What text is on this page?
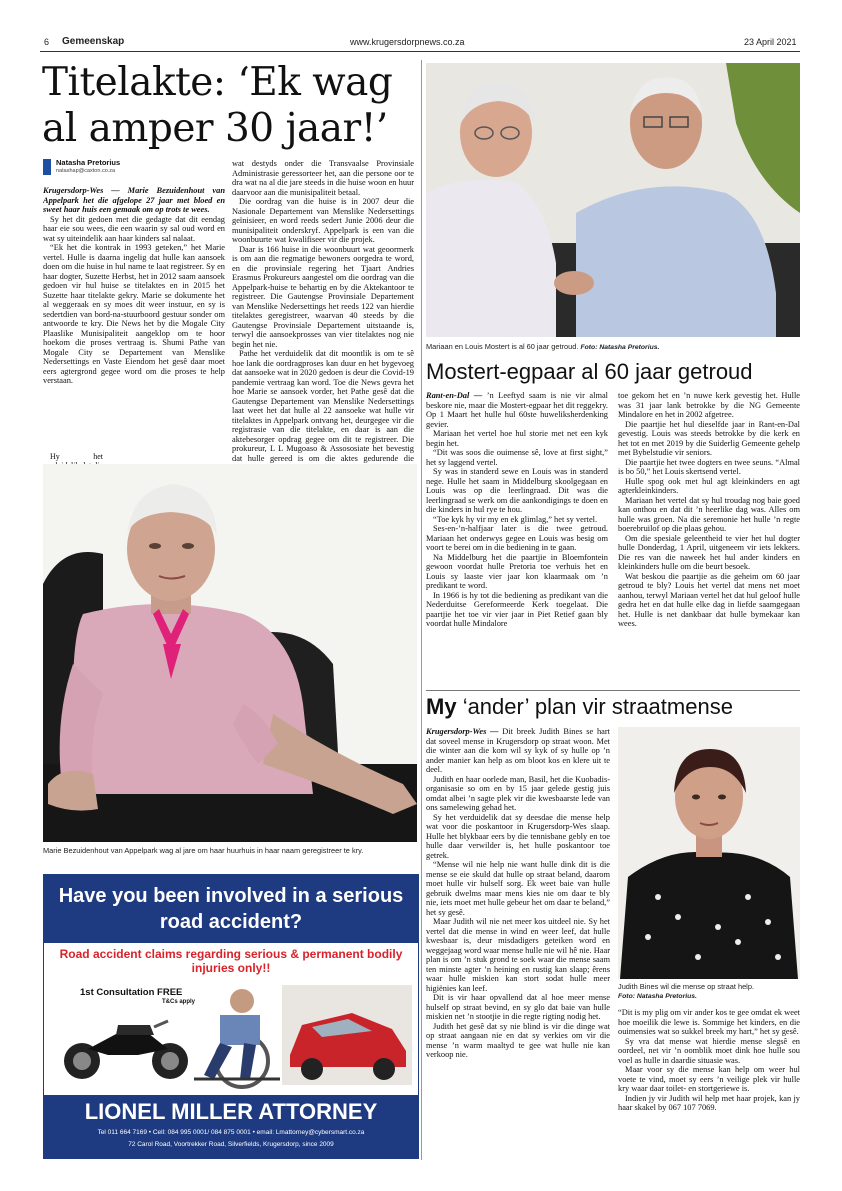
6 Gemeenskap	www.krugersdorpnews.co.za	23 April 2021
Titelakte: ‘Ek wag al amper 30 jaar!’
Natasha Pretorius
natashap@caxton.co.za

Krugersdorp-Wes — Marie Bezuidenhout van Appelpark het die afgelope 27 jaar met bloed en sweet haar huis een gemaak om op trots te wees.

Sy het dit gedoen met die gedagte dat dit eendag haar eie sou wees, die een waarin sy sal oud word en wat sy uiteindelik aan haar kinders sal nalaat.

“Ek het die kontrak in 1993 geteken,” het Marie vertel. Hulle is daarna ingelig dat hulle kan aansoek doen om die huise in hul name te laat registreer. Sy en haar dogter, Suzette Herbst, het in 2012 saam aansoek gedoen vir hul huise se titelaktes en in 2015 het Suzette haar titelakte gekry. Marie se dokumente het al weggeraak en sy moes dit weer instuur, en sy is sedertdien van bord-na-stuurboord gestuur sonder om antwoorde te kry. Die News het by die Mogale City Plaaslike Munisipaliteit aangeklop om te hoor hoekom die proses vertraag is. Shumi Pathe van Mogale City se Departement van Menslike Nedersettings en Vaste Eiendom het gesê daar moet eers agtergrond gegee word om die proses te help verstaan.

Hy het

wat destyds onder die Transvaalse Provinsiale Administrasie geressorteer het, aan die persone oor te dra wat na al die jare steeds in die huise woon en huur daarvoor aan die munisipaliteit betaal.

Die oordrag van die huise is in 2007 deur die Nasionale Departement van Menslike Nedersettings geïnisieer, en word reeds sedert Junie 2006 deur die munisipaliteit onderskryf. Appelpark is een van die woonbuurte wat kwalifiseer vir die projek.

Daar is 166 huise in die woonbuurt wat geoormerk is om aan die regmatige bewoners oorgedra te word, en die provinsiale regering het Tjaart Andries Erasmus Prokureurs aangestel om die oordrag van die Appelpark-huise te behartig en by die Aktekantoor te registreer. Die Gautengse Provinsiale Departement van Menslike Nedersettings het reeds 122 van hierdie titelaktes geregistreer, waarvan 40 steeds by die Gautengse Provinsiale Departement uitstaande is, terwyl die aansoekprosses van vier titelaktes nog nie begin het nie.

Pathe het verduidelik dat dit moontlik is om te sê hoe lank die oordragproses kan duur en het bygevoeg dat aansoeke wat in 2020 gedoen is deur die Covid-19 pandemie vertraag kan word. Toe die News gevra het hoe Marie se aansoek vorder, het Pathe gesê dat die Gautengse Departement van Menslike Nedersettings laat weet het dat hulle al 22 aansoeke wat hulle vir titelaktes in Appelpark ontvang het, deurgegee vir die registrasie van die titelakte, en daar is aan die aktebesorger opdrag gegee om dit te registreer. Die prokureur, L L Mugoaso & Assososiate het bevestig dat hulle gereed is om die aktes gedurende die

Marie Bezuidenhout van Appelpark wag al jare om haar huurhuis in haar naam geregistreer te kry.
Have you been involved in a serious road accident?
Road accident claims regarding serious & permanent bodily injuries only!!
1st Consultation FREE
T&Cs apply
LIONEL MILLER ATTORNEY
Tel 011 664 7169 • Cell: 084 995 0001/ 084 875 0001 • email: Lmattorney@cybersmart.co.za
72 Carol Road, Voortrekker Road, Silverfields, Krugersdorp, since 2009
Mariaan en Louis Mostert is al 60 jaar getroud. Foto: Natasha Pretorius.
Mostert-egpaar al 60 jaar getroud

Rant-en-Dal — ’n Leeftyd saam is nie vir almal beskore nie, maar die Mostert-egpaar het dit reggekry. Op 1 Maart het hulle hul 60ste huweliksherdenking gevier.

Mariaan het vertel hoe hul storie met net een kyk begin het.

“Dit was soos die ouimense sê, love at first sight,” het sy laggend vertel.

Sy was in standerd sewe en Louis was in standerd nege. Hulle het saam in Middelburg skoolgegaan en Louis was op die leerlingraad. Dit was die leerlingraad se werk om die aankondigings te doen en die kinders in hul rye te hou.

“Toe kyk hy vir my en ek glimlag,” het sy vertel.

Ses-en-’n-halfjaar later is die twee getroud. Mariaan het onderwys gegee en Louis was besig om voort te berei om in die bediening in te gaan.

Na Middelburg het die paartjie in Bloemfontein gewoon voordat hulle Pretoria toe verhuis het en Louis sy laaste vier jaar kon klaarmaak om ’n predikant te word.

In 1966 is hy tot die bediening as predikant van die Nederduitse Gereformeerde Kerk toegelaat. Die paartjie het toe vir vier jaar in Piet Retief gaan bly voordat hulle Mindalore

toe gekom het en ’n nuwe kerk gevestig het. Hulle was 31 jaar lank betrokke by die NG Gemeente Mindalore en het in 2002 afgetree.

Die paartjie het hul dieselfde jaar in Rant-en-Dal gevestig. Louis was steeds betrokke by die kerk en het tot en met 2019 by die Suiderlig Gemeente gehelp met Bybelstudie vir seniors.

Die paartjie het twee dogters en twee seuns. “Almal is bo 50,” het Louis skertsend vertel.

Hulle spog ook met hul agt kleinkinders en agt agterkleinkinders.

Mariaan het vertel dat sy hul troudag nog baie goed kan onthou en dat dit ’n heerlike dag was. Alles om hulle was groen. Na die seremonie het hulle ’n regte boerebruilof op die plaas gehou.

Om die spesiale geleentheid te vier het hul dogter hulle Donderdag, 1 April, uitgeneem vir iets lekkers. Die res van die naweek het hul ander kinders en kleinkinders hulle om die beurt besoek.

Wat beskou die paartjie as die geheim om 60 jaar getroud te bly? Louis het vertel dat mens net moet aanhou, terwyl Mariaan vertel het dat hul geloof hulle gedra het en dat hulle elke dag in liefde saamgegaan het. Hulle is net dankbaar dat hulle bymekaar kan wees.

My ‘ander’ plan vir straatmense

Krugersdorp-Wes — Dit breek Judith Bines se hart dat soveel mense in Krugersdorp op straat woon. Met die winter aan die kom wil sy kyk of sy hulle op ’n ander manier kan help as om bloot kos en klere uit te deel.

Judith en haar oorlede man, Basil, het die Kuobadis-organisasie so om en by 15 jaar gelede gestig juis omdat albei ’n sagte plek vir die kwesbaarste lede van ons samelewing gehad het.

Sy het verduidelik dat sy deesdae die mense help wat voor die poskantoor in Krugersdorp-Wes slaap. Hulle het blykbaar eers by die tennisbane gebly en toe hulle daar verwilder is, het hulle poskantoor toe getrek.

“Mense wil nie help nie want hulle dink dit is die mense se eie skuld dat hulle op straat beland, daarom moet hulle vir hulself sorg. Ek weet baie van hulle gebruik dwelms maar mens kies nie om daar te bly nie, iets moet met hulle gebeur het om daar te beland,” het sy gesê.

Maar Judith wil nie net meer kos uitdeel nie. Sy het vertel dat die mense in wind en weer leef, dat hulle kwesbaar is, deur misdadigers geteiken word en weggejaag word waar mense hulle nie wil hê nie. Haar plan is om ’n stuk grond te soek waar die mense saam ten minste agter ’n heining en rustig kan slaap; êrens waar hulle miskien kan stort sodat hulle meer higiënies kan leef.

Dit is vir haar opvallend dat al hoe meer mense hulself op straat bevind, en sy glo dat baie van hulle miskien net ’n stootjie in die regte rigting nodig het.

Judith het gesê dat sy nie blind is vir die dinge wat op straat aangaan nie en dat sy verkies om vir die mense ’n warm maaltyd te gee wat hulle nie kan verkoop nie.

Judith Bines wil die mense op straat help.
Foto: Natasha Pretorius.

“Dit is my plig om vir ander kos te gee omdat ek weet hoe moeilik die lewe is. Sommige het kinders, en die ouimensies wat so sukkel breek my hart,” het sy gesê.

Sy vra dat mense wat hierdie mense slegsê en oordeel, net vir ’n oomblik moet dink hoe hulle sou voel as hulle in daardie situasie was.

Maar voor sy die mense kan help om weer hul voete te vind, moet sy eers ’n veilige plek vir hulle kry waar daar toilet- en stortgeriewe is.

Indien jy vir Judith wil help met haar projek, kan jy haar skakel by 067 107 7069.
